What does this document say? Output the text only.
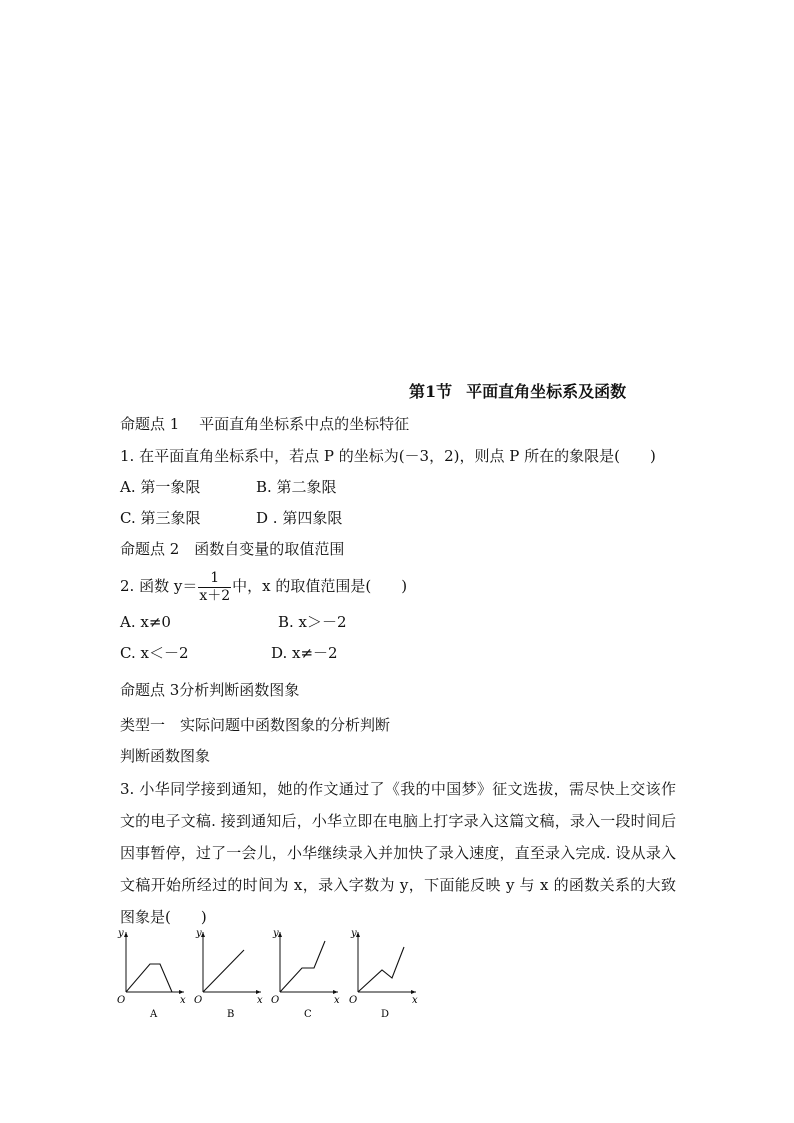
第1节 平面直角坐标系及函数
命题点 1　 平面直角坐标系中点的坐标特征
1. 在平面直角坐标系中，若点 P 的坐标为(－3，2)，则点 P 所在的象限是(　　)
A. 第一象限	B. 第二象限
C. 第三象限	D . 第四象限
命题点 2　函数自变量的取值范围
2. 函数 $y= \frac{1}{x+2}$ 中，x 的取值范围是(　　)
A. x≠0	B. x＞－2
C. x＜－2	D. x≠－2
命题点 3分析判断函数图象
类型一　实际问题中函数图象的分析判断
判断函数图象
3. 小华同学接到通知，她的作文通过了《我的中国梦》征文选拔，需尽快上交该作文的电子文稿. 接到通知后，小华立即在电脑上打字录入这篇文稿，录入一段时间后因事暂停，过了一会儿，小华继续录入并加快了录入速度，直至录入完成. 设从录入文稿开始所经过的时间为 x，录入字数为 y，下面能反映 y 与 x 的函数关系的大致图象是(　　)
y
x
O
A
y
x
O
B
y
x
O
C
y
x
O
D
